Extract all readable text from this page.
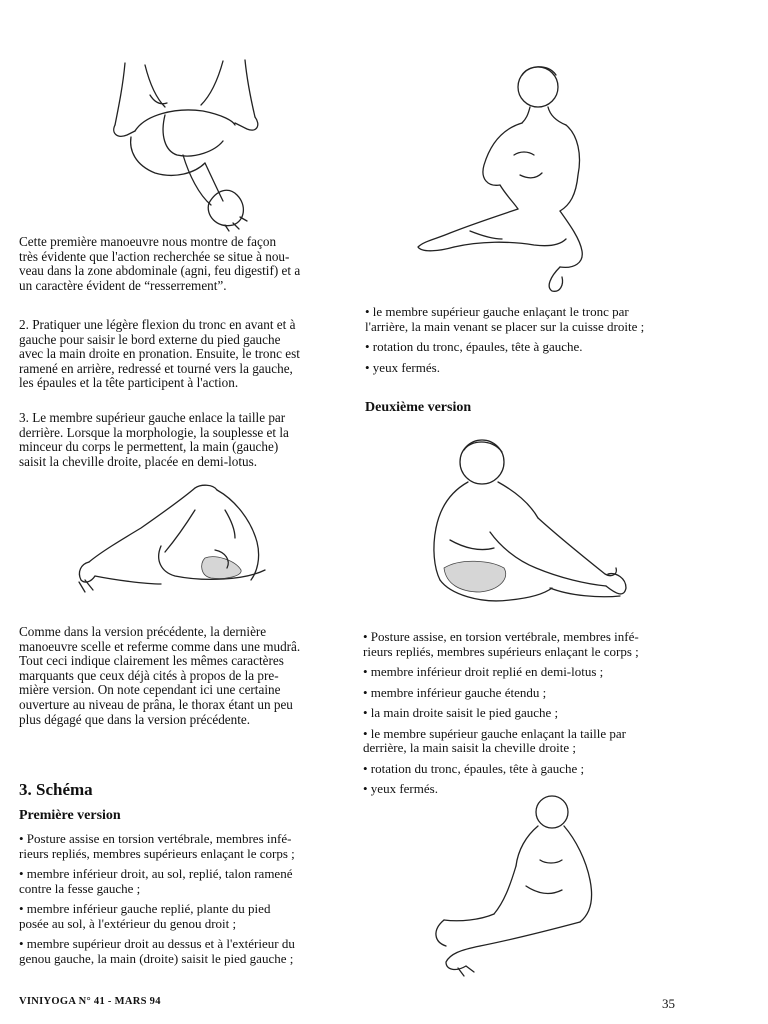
Cette première manoeuvre nous montre de façon
très évidente que l'action recherchée se situe à nou-
veau dans la zone abdominale (agni, feu digestif) et a
un caractère évident de “resserrement”.

2. Pratiquer une légère flexion du tronc en avant et à
gauche pour saisir le bord externe du pied gauche
avec la main droite en pronation. Ensuite, le tronc est
ramené en arrière, redressé et tourné vers la gauche,
les épaules et la tête participent à l'action.

3. Le membre supérieur gauche enlace la taille par
derrière. Lorsque la morphologie, la souplesse et la
minceur du corps le permettent, la main (gauche)
saisit la cheville droite, placée en demi-lotus.

Comme dans la version précédente, la dernière
manoeuvre scelle et referme comme dans une mudrâ.
Tout ceci indique clairement les mêmes caractères
marquants que ceux déjà cités à propos de la pre-
mière version. On note cependant ici une certaine
ouverture au niveau de prâna, le thorax étant un peu
plus dégagé que dans la version précédente.

3. Schéma
Première version
• Posture assise en torsion vertébrale, membres infé-
rieurs repliés, membres supérieurs enlaçant le corps ;
• membre inférieur droit, au sol, replié, talon ramené
contre la fesse gauche ;
• membre inférieur gauche replié, plante du pied
posée au sol, à l'extérieur du genou droit ;
• membre supérieur droit au dessus et à l'extérieur du
genou gauche, la main (droite) saisit le pied gauche ;
• le membre supérieur gauche enlaçant le tronc par
l'arrière, la main venant se placer sur la cuisse droite ;
• rotation du tronc, épaules, tête à gauche.
• yeux fermés.
Deuxième version
• Posture assise, en torsion vertébrale, membres infé-
rieurs repliés, membres supérieurs enlaçant le corps ;
• membre inférieur droit replié en demi-lotus ;
• membre inférieur gauche étendu ;
• la main droite saisit le pied gauche ;
• le membre supérieur gauche enlaçant la taille par
derrière, la main saisit la cheville droite ;
• rotation du tronc, épaules, tête à gauche ;
• yeux fermés.
VINIYOGA N° 41 - MARS 94	35
